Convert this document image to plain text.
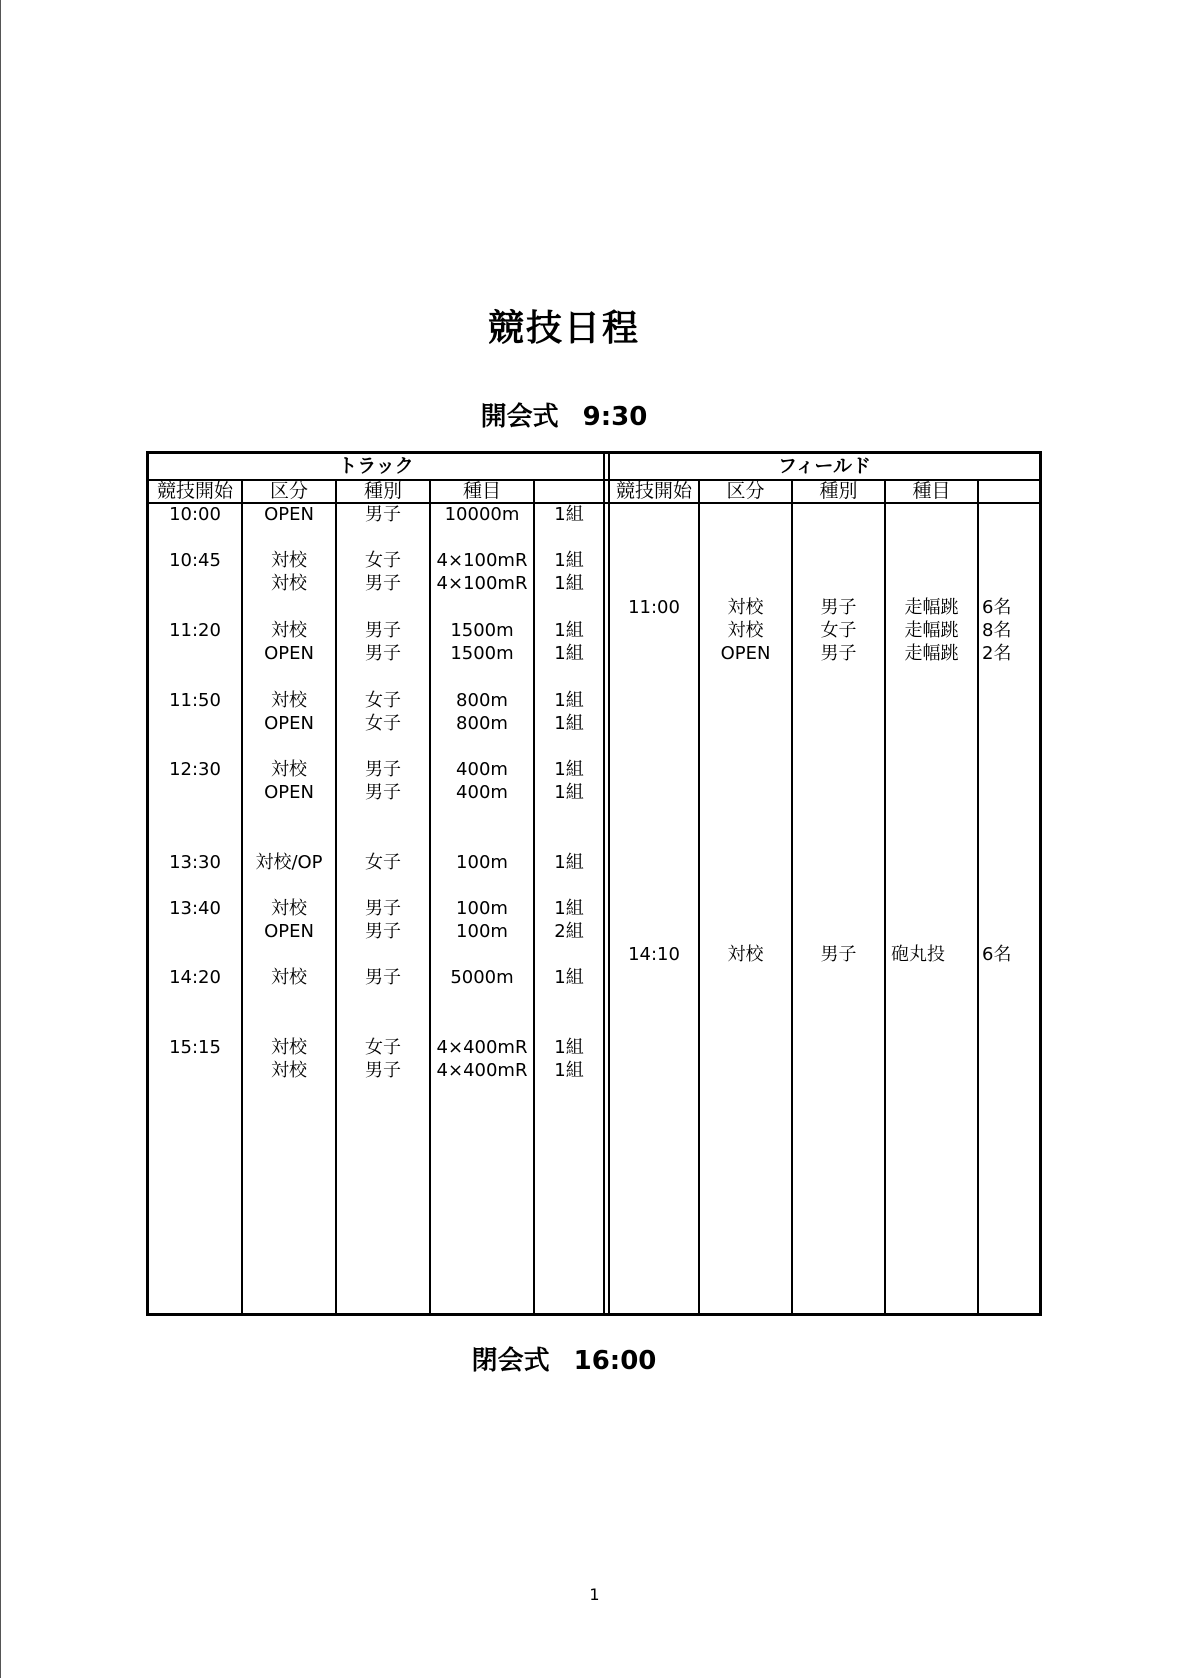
競技日程
開会式 9:30
トラック	フィールド
競技開始	区分	種別	種目	競技開始	区分	種別	種目
10:00	OPEN	男子	10000m	1組
10:45	対校	女子	4×100mR	1組
対校	男子	4×100mR	1組
11:20	対校	男子	1500m	1組
OPEN	男子	1500m	1組
11:50	対校	女子	800m	1組
OPEN	女子	800m	1組
12:30	対校	男子	400m	1組
OPEN	男子	400m	1組
13:30	対校/OP	女子	100m	1組
13:40	対校	男子	100m	1組
OPEN	男子	100m	2組
14:20	対校	男子	5000m	1組
15:15	対校	女子	4×400mR	1組
対校	男子	4×400mR	1組
11:00	対校	男子	走幅跳	6名
対校	女子	走幅跳	8名
OPEN	男子	走幅跳	2名
14:10	対校	男子	砲丸投	6名
閉会式 16:00
1
